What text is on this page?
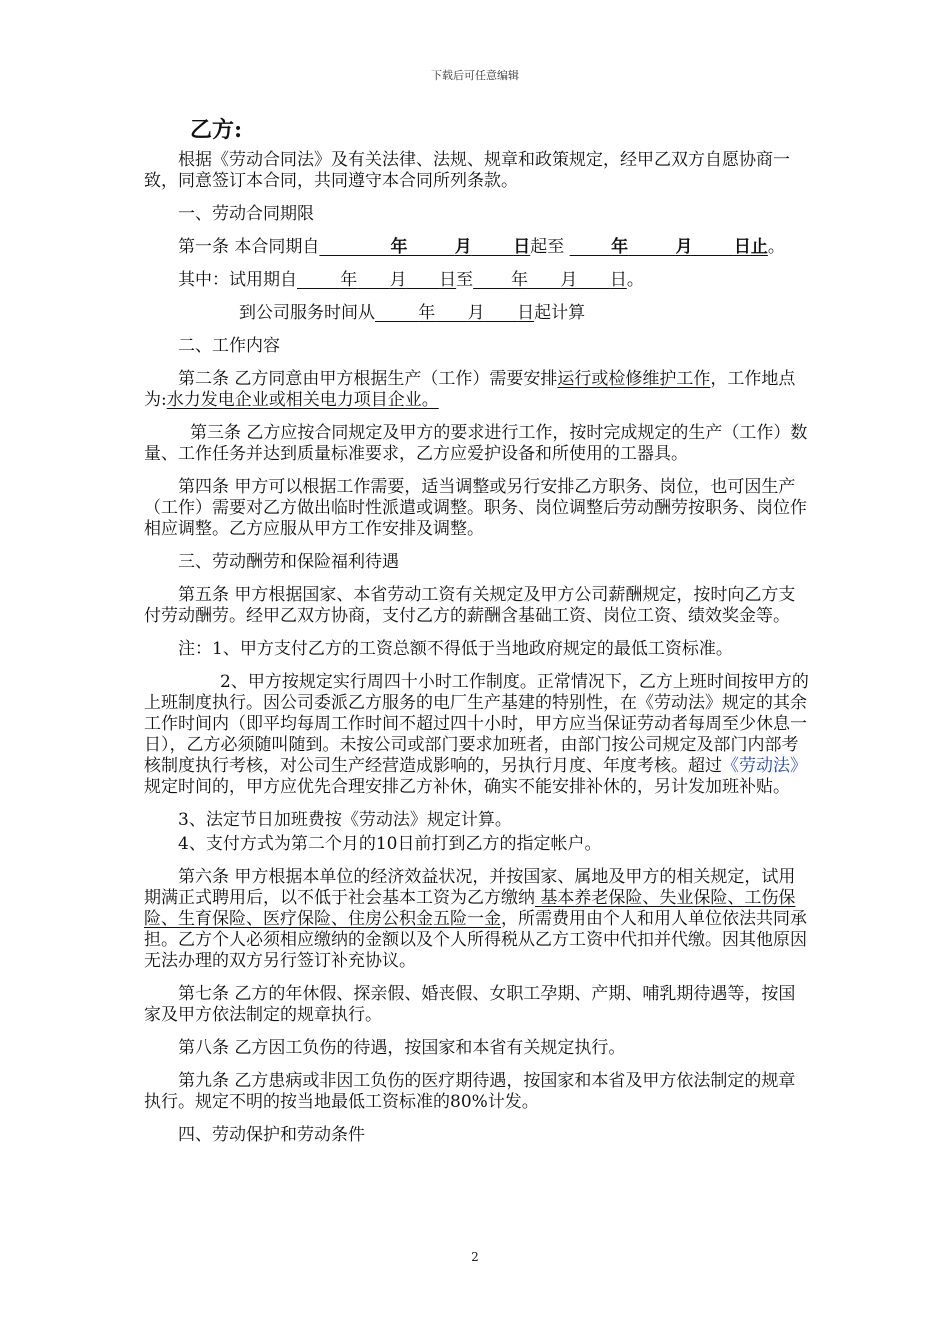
下载后可任意编辑

乙方:

根据《劳动合同法》及有关法律、法规、规章和政策规定，经甲乙双方自愿协商一致，同意签订本合同，共同遵守本合同所列条款。

一、劳动合同期限

第一条 本合同期自	年	月 日起至	年	月 日止。

其中：试用期自	年 月 日至 年 月 日。

到公司服务时间从	年 月 日起计算

二、工作内容

第二条 乙方同意由甲方根据生产（工作）需要安排运行或检修维护工作，工作地点为:水力发电企业或相关电力项目企业。

第三条 乙方应按合同规定及甲方的要求进行工作，按时完成规定的生产（工作）数量、工作任务并达到质量标准要求，乙方应爱护设备和所使用的工器具。

第四条 甲方可以根据工作需要，适当调整或另行安排乙方职务、岗位，也可因生产（工作）需要对乙方做出临时性派遣或调整。职务、岗位调整后劳动酬劳按职务、岗位作相应调整。乙方应服从甲方工作安排及调整。

三、劳动酬劳和保险福利待遇

第五条 甲方根据国家、本省劳动工资有关规定及甲方公司薪酬规定，按时向乙方支付劳动酬劳。经甲乙双方协商，支付乙方的薪酬含基础工资、岗位工资、绩效奖金等。

注：1、甲方支付乙方的工资总额不得低于当地政府规定的最低工资标准。

2、甲方按规定实行周四十小时工作制度。正常情况下，乙方上班时间按甲方的上班制度执行。因公司委派乙方服务的电厂生产基建的特别性，在《劳动法》规定的其余工作时间内（即平均每周工作时间不超过四十小时，甲方应当保证劳动者每周至少休息一日），乙方必须随叫随到。未按公司或部门要求加班者，由部门按公司规定及部门内部考核制度执行考核，对公司生产经营造成影响的，另执行月度、年度考核。超过《劳动法》规定时间的，甲方应优先合理安排乙方补休，确实不能安排补休的，另计发加班补贴。

3、法定节日加班费按《劳动法》规定计算。

4、支付方式为第二个月的10日前打到乙方的指定帐户。

第六条 甲方根据本单位的经济效益状况，并按国家、属地及甲方的相关规定，试用期满正式聘用后，以不低于社会基本工资为乙方缴纳 基本养老保险、失业保险、工伤保险、生育保险、医疗保险、住房公积金五险一金，所需费用由个人和用人单位依法共同承担。乙方个人必须相应缴纳的金额以及个人所得税从乙方工资中代扣并代缴。因其他原因无法办理的双方另行签订补充协议。

第七条 乙方的年休假、探亲假、婚丧假、女职工孕期、产期、哺乳期待遇等，按国家及甲方依法制定的规章执行。

第八条 乙方因工负伤的待遇，按国家和本省有关规定执行。

第九条 乙方患病或非因工负伤的医疗期待遇，按国家和本省及甲方依法制定的规章执行。规定不明的按当地最低工资标准的80%计发。

四、劳动保护和劳动条件

2
